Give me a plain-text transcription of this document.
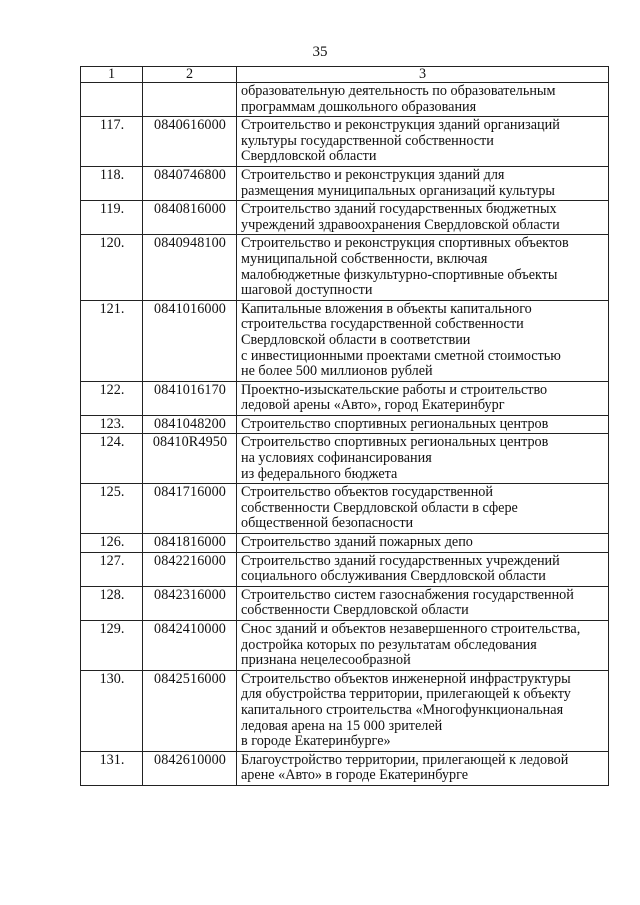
35
1	2	3

		образовательную деятельность по образовательным
программам дошкольного образования

117.	0840616000	Строительство и реконструкция зданий организаций
культуры государственной собственности
Свердловской области

118.	0840746800	Строительство и реконструкция зданий для
размещения муниципальных организаций культуры

119.	0840816000	Строительство зданий государственных бюджетных
учреждений здравоохранения Свердловской области

120.	0840948100	Строительство и реконструкция спортивных объектов
муниципальной собственности, включая
малобюджетные физкультурно-спортивные объекты
шаговой доступности

121.	0841016000	Капитальные вложения в объекты капитального
строительства государственной собственности
Свердловской области в соответствии
с инвестиционными проектами сметной стоимостью
не более 500 миллионов рублей

122.	0841016170	Проектно-изыскательские работы и строительство
ледовой арены «Авто», город Екатеринбург

123.	0841048200	Строительство спортивных региональных центров

124.	08410R4950	Строительство спортивных региональных центров
на условиях софинансирования
из федерального бюджета

125.	0841716000	Строительство объектов государственной
собственности Свердловской области в сфере
общественной безопасности

126.	0841816000	Строительство зданий пожарных депо

127.	0842216000	Строительство зданий государственных учреждений
социального обслуживания Свердловской области

128.	0842316000	Строительство систем газоснабжения государственной
собственности Свердловской области

129.	0842410000	Снос зданий и объектов незавершенного строительства,
достройка которых по результатам обследования
признана нецелесообразной

130.	0842516000	Строительство объектов инженерной инфраструктуры
для обустройства территории, прилегающей к объекту
капитального строительства «Многофункциональная
ледовая арена на 15 000 зрителей
в городе Екатеринбурге»

131.	0842610000	Благоустройство территории, прилегающей к ледовой
арене «Авто» в городе Екатеринбурге
